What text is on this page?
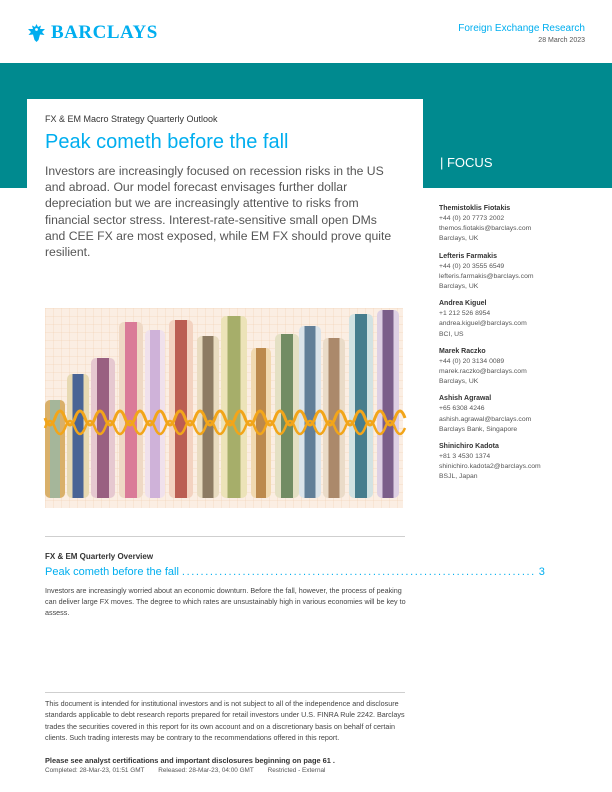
BARCLAYS	Foreign Exchange Research
28 March 2023
FX & EM Macro Strategy Quarterly Outlook
Peak cometh before the fall

Investors are increasingly focused on recession risks in the US and abroad. Our model forecast envisages further dollar depreciation but we are increasingly attentive to risks from financial sector stress. Interest-rate-sensitive small open DMs and CEE FX are most exposed, while EM FX should prove quite resilient.

| FOCUS
Themistoklis Fiotakis
+44 (0) 20 7773 2002
themos.fiotakis@barclays.com
Barclays, UK
Lefteris Farmakis
+44 (0) 20 3555 6549
lefteris.farmakis@barclays.com
Barclays, UK
Andrea Kiguel
+1 212 526 8954
andrea.kiguel@barclays.com
BCI, US
Marek Raczko
+44 (0) 20 3134 0089
marek.raczko@barclays.com
Barclays, UK
Ashish Agrawal
+65 6308 4246
ashish.agrawal@barclays.com
Barclays Bank, Singapore
Shinichiro Kadota
+81 3 4530 1374
shinichiro.kadota2@barclays.com
BSJL, Japan
FX & EM Quarterly Overview
Peak cometh before the fall ............................................................................ 3

Investors are increasingly worried about an economic downturn. Before the fall, however, the process of peaking can deliver large FX moves. The degree to which rates are unsustainably high in various economies will be key to assess.

This document is intended for institutional investors and is not subject to all of the independence and disclosure standards applicable to debt research reports prepared for retail investors under U.S. FINRA Rule 2242. Barclays trades the securities covered in this report for its own account and on a discretionary basis on behalf of certain clients. Such trading interests may be contrary to the recommendations offered in this report.

Please see analyst certifications and important disclosures beginning on page 61 .
Completed: 28-Mar-23, 01:51 GMT Released: 28-Mar-23, 04:00 GMT Restricted - External
